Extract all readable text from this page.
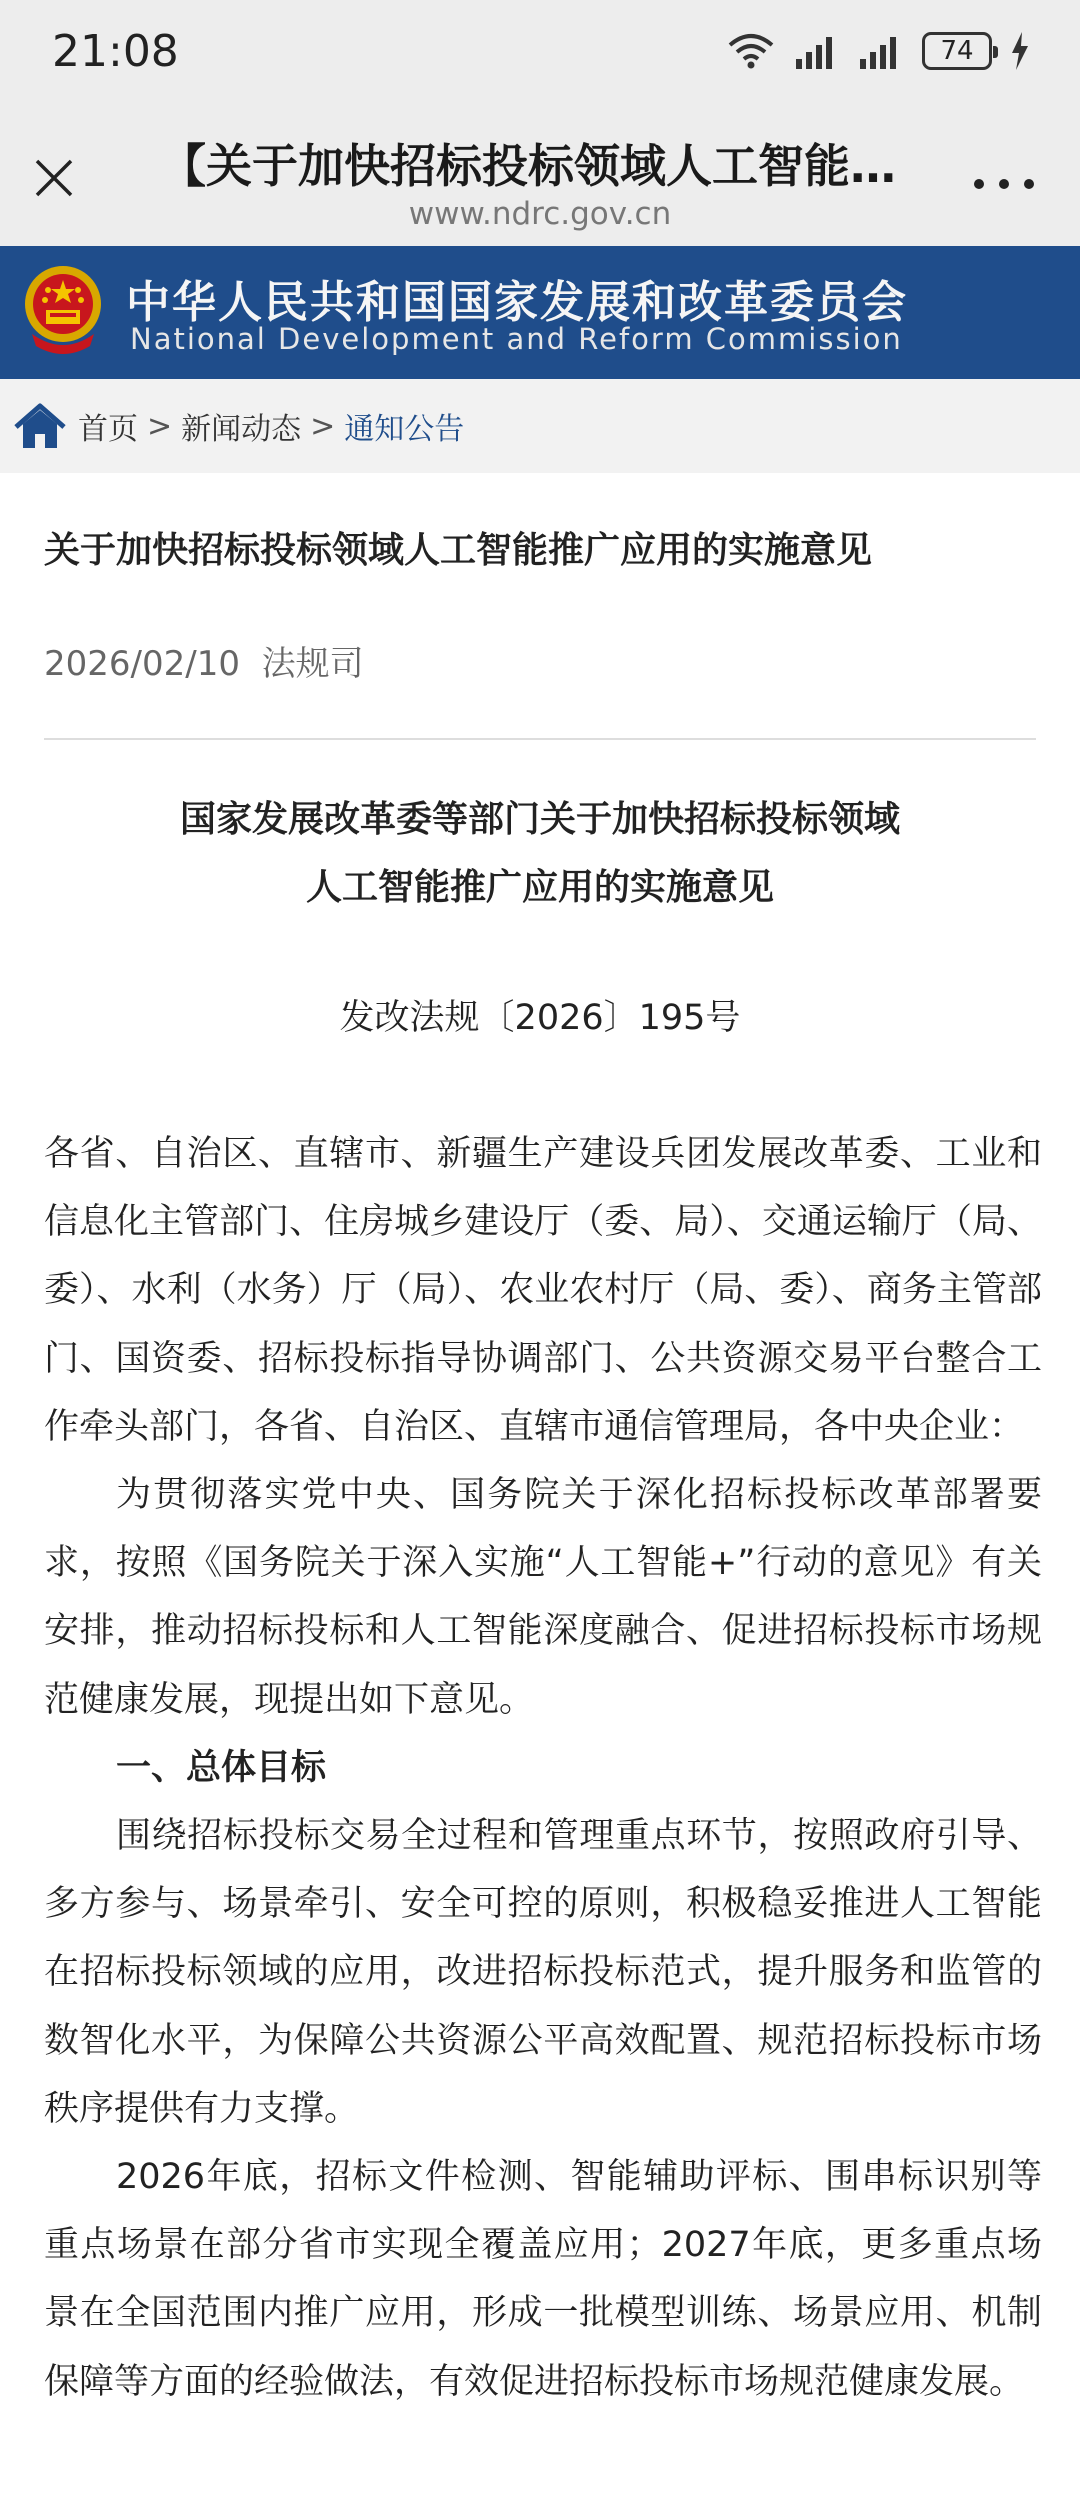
21:08	74
【关于加快招标投标领域人工智能…
www.ndrc.gov.cn
中华人民共和国国家发展和改革委员会
National Development and Reform Commission
首页 > 新闻动态 > 通知公告
关于加快招标投标领域人工智能推广应用的实施意见
2026/02/10  法规司
国家发展改革委等部门关于加快招标投标领域
人工智能推广应用的实施意见
发改法规〔2026〕195号

各省、自治区、直辖市、新疆生产建设兵团发展改革委、工业和信息化主管部门、住房城乡建设厅（委、局）、交通运输厅（局、委）、水利（水务）厅（局）、农业农村厅（局、委）、商务主管部门、国资委、招标投标指导协调部门、公共资源交易平台整合工作牵头部门，各省、自治区、直辖市通信管理局，各中央企业：

为贯彻落实党中央、国务院关于深化招标投标改革部署要求，按照《国务院关于深入实施“人工智能+”行动的意见》有关安排，推动招标投标和人工智能深度融合、促进招标投标市场规范健康发展，现提出如下意见。

一、总体目标

围绕招标投标交易全过程和管理重点环节，按照政府引导、多方参与、场景牵引、安全可控的原则，积极稳妥推进人工智能在招标投标领域的应用，改进招标投标范式，提升服务和监管的数智化水平，为保障公共资源公平高效配置、规范招标投标市场秩序提供有力支撑。

2026年底，招标文件检测、智能辅助评标、围串标识别等重点场景在部分省市实现全覆盖应用；2027年底，更多重点场景在全国范围内推广应用，形成一批模型训练、场景应用、机制保障等方面的经验做法，有效促进招标投标市场规范健康发展。
